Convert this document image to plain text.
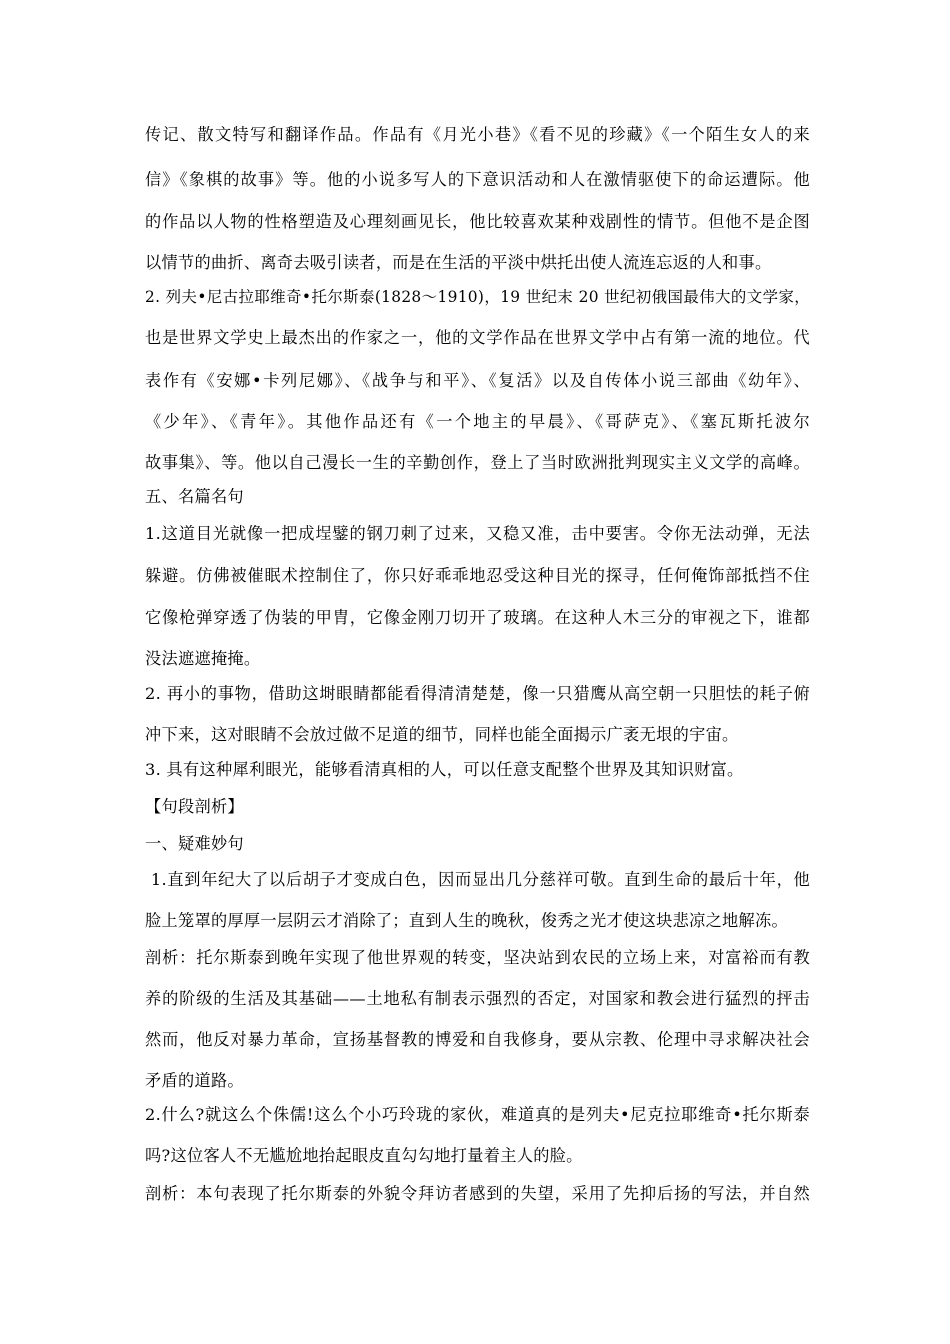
传记、散文特写和翻译作品。作品有《月光小巷》《看不见的珍藏》《一个陌生女人的来
信》《象棋的故事》等。他的小说多写人的下意识活动和人在激情驱使下的命运遭际。他
的作品以人物的性格塑造及心理刻画见长，他比较喜欢某种戏剧性的情节。但他不是企图
以情节的曲折、离奇去吸引读者，而是在生活的平淡中烘托出使人流连忘返的人和事。
2. 列夫•尼古拉耶维奇•托尔斯泰(1828～1910)，19 世纪末 20 世纪初俄国最伟大的文学家，
也是世界文学史上最杰出的作家之一，他的文学作品在世界文学中占有第一流的地位。代
表作有《安娜•卡列尼娜》、《战争与和平》、《复活》以及自传体小说三部曲《幼年》、
《少年》、《青年》。其他作品还有《一个地主的早晨》、《哥萨克》、《塞瓦斯托波尔
故事集》、等。他以自己漫长一生的辛勤创作，登上了当时欧洲批判现实主义文学的高峰。
五、名篇名句
1.这道目光就像一把成埕鐾的钢刀刺了过来，又稳又准，击中要害。令你无法动弹，无法
躲避。仿佛被催眠术控制住了，你只好乖乖地忍受这种目光的探寻，任何俺饰部抵挡不住
它像枪弹穿透了伪装的甲胄，它像金刚刀切开了玻璃。在这种人木三分的审视之下，谁都
没法遮遮掩掩。
2. 再小的事物，借助这埘眼睛都能看得清清楚楚，像一只猎鹰从高空朝一只胆怯的耗子俯
冲下来，这对眼睛不会放过做不足道的细节，同样也能全面揭示广袤无垠的宇宙。
3. 具有这种犀利眼光，能够看清真相的人，可以任意支配整个世界及其知识财富。
【句段剖析】
一、疑难妙句
1.直到年纪大了以后胡子才变成白色，因而显出几分慈祥可敬。直到生命的最后十年，他
脸上笼罩的厚厚一层阴云才消除了；直到人生的晚秋，俊秀之光才使这块悲凉之地解冻。
剖析：托尔斯泰到晚年实现了他世界观的转变，坚决站到农民的立场上来，对富裕而有教
养的阶级的生活及其基础——土地私有制表示强烈的否定，对国家和教会进行猛烈的抨击
然而，他反对暴力革命，宣扬基督教的博爱和自我修身，要从宗教、伦理中寻求解决社会
矛盾的道路。
2.什么?就这么个侏儒!这么个小巧玲珑的家伙，难道真的是列夫•尼克拉耶维奇•托尔斯泰
吗?这位客人不无尴尬地抬起眼皮直勾勾地打量着主人的脸。
剖析：本句表现了托尔斯泰的外貌令拜访者感到的失望，采用了先抑后扬的写法，并自然
